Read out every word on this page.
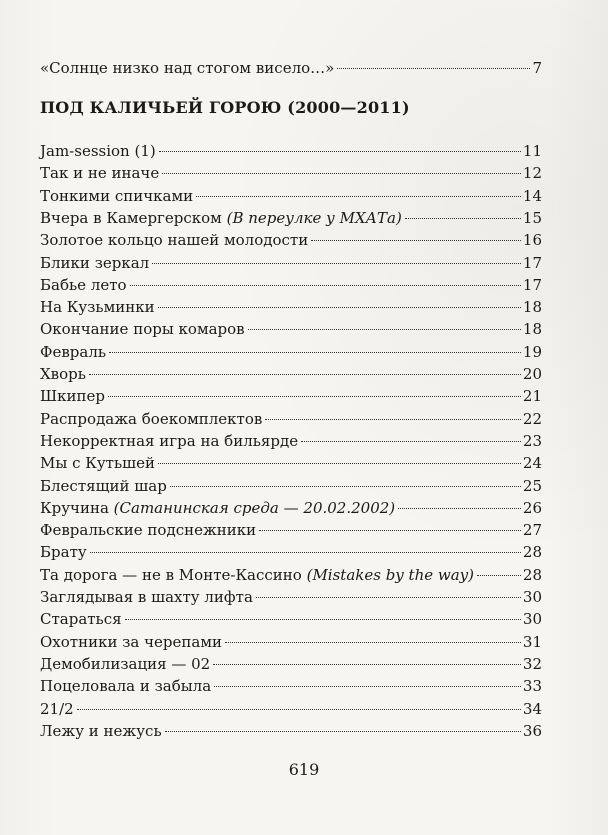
«Солнце низко над стогом висело…»	7
ПОД КАЛИЧЬЕЙ ГОРОЮ (2000—2011)
Jam-session (1)	11
Так и не иначе	12
Тонкими спичками	14
Вчера в Камергерском (В переулке у МХАТа)	15
Золотое кольцо нашей молодости	16
Блики зеркал	17
Бабье лето	17
На Кузьминки	18
Окончание поры комаров	18
Февраль	19
Хворь	20
Шкипер	21
Распродажа боекомплектов	22
Некорректная игра на бильярде	23
Мы с Кутьшей	24
Блестящий шар	25
Кручина (Сатанинская среда — 20.02.2002)	26
Февральские подснежники	27
Брату	28
Та дорога — не в Монте-Кассино (Mistakes by the way)	28
Заглядывая в шахту лифта	30
Стараться	30
Охотники за черепами	31
Демобилизация — 02	32
Поцеловала и забыла	33
21/2	34
Лежу и нежусь	36
619
